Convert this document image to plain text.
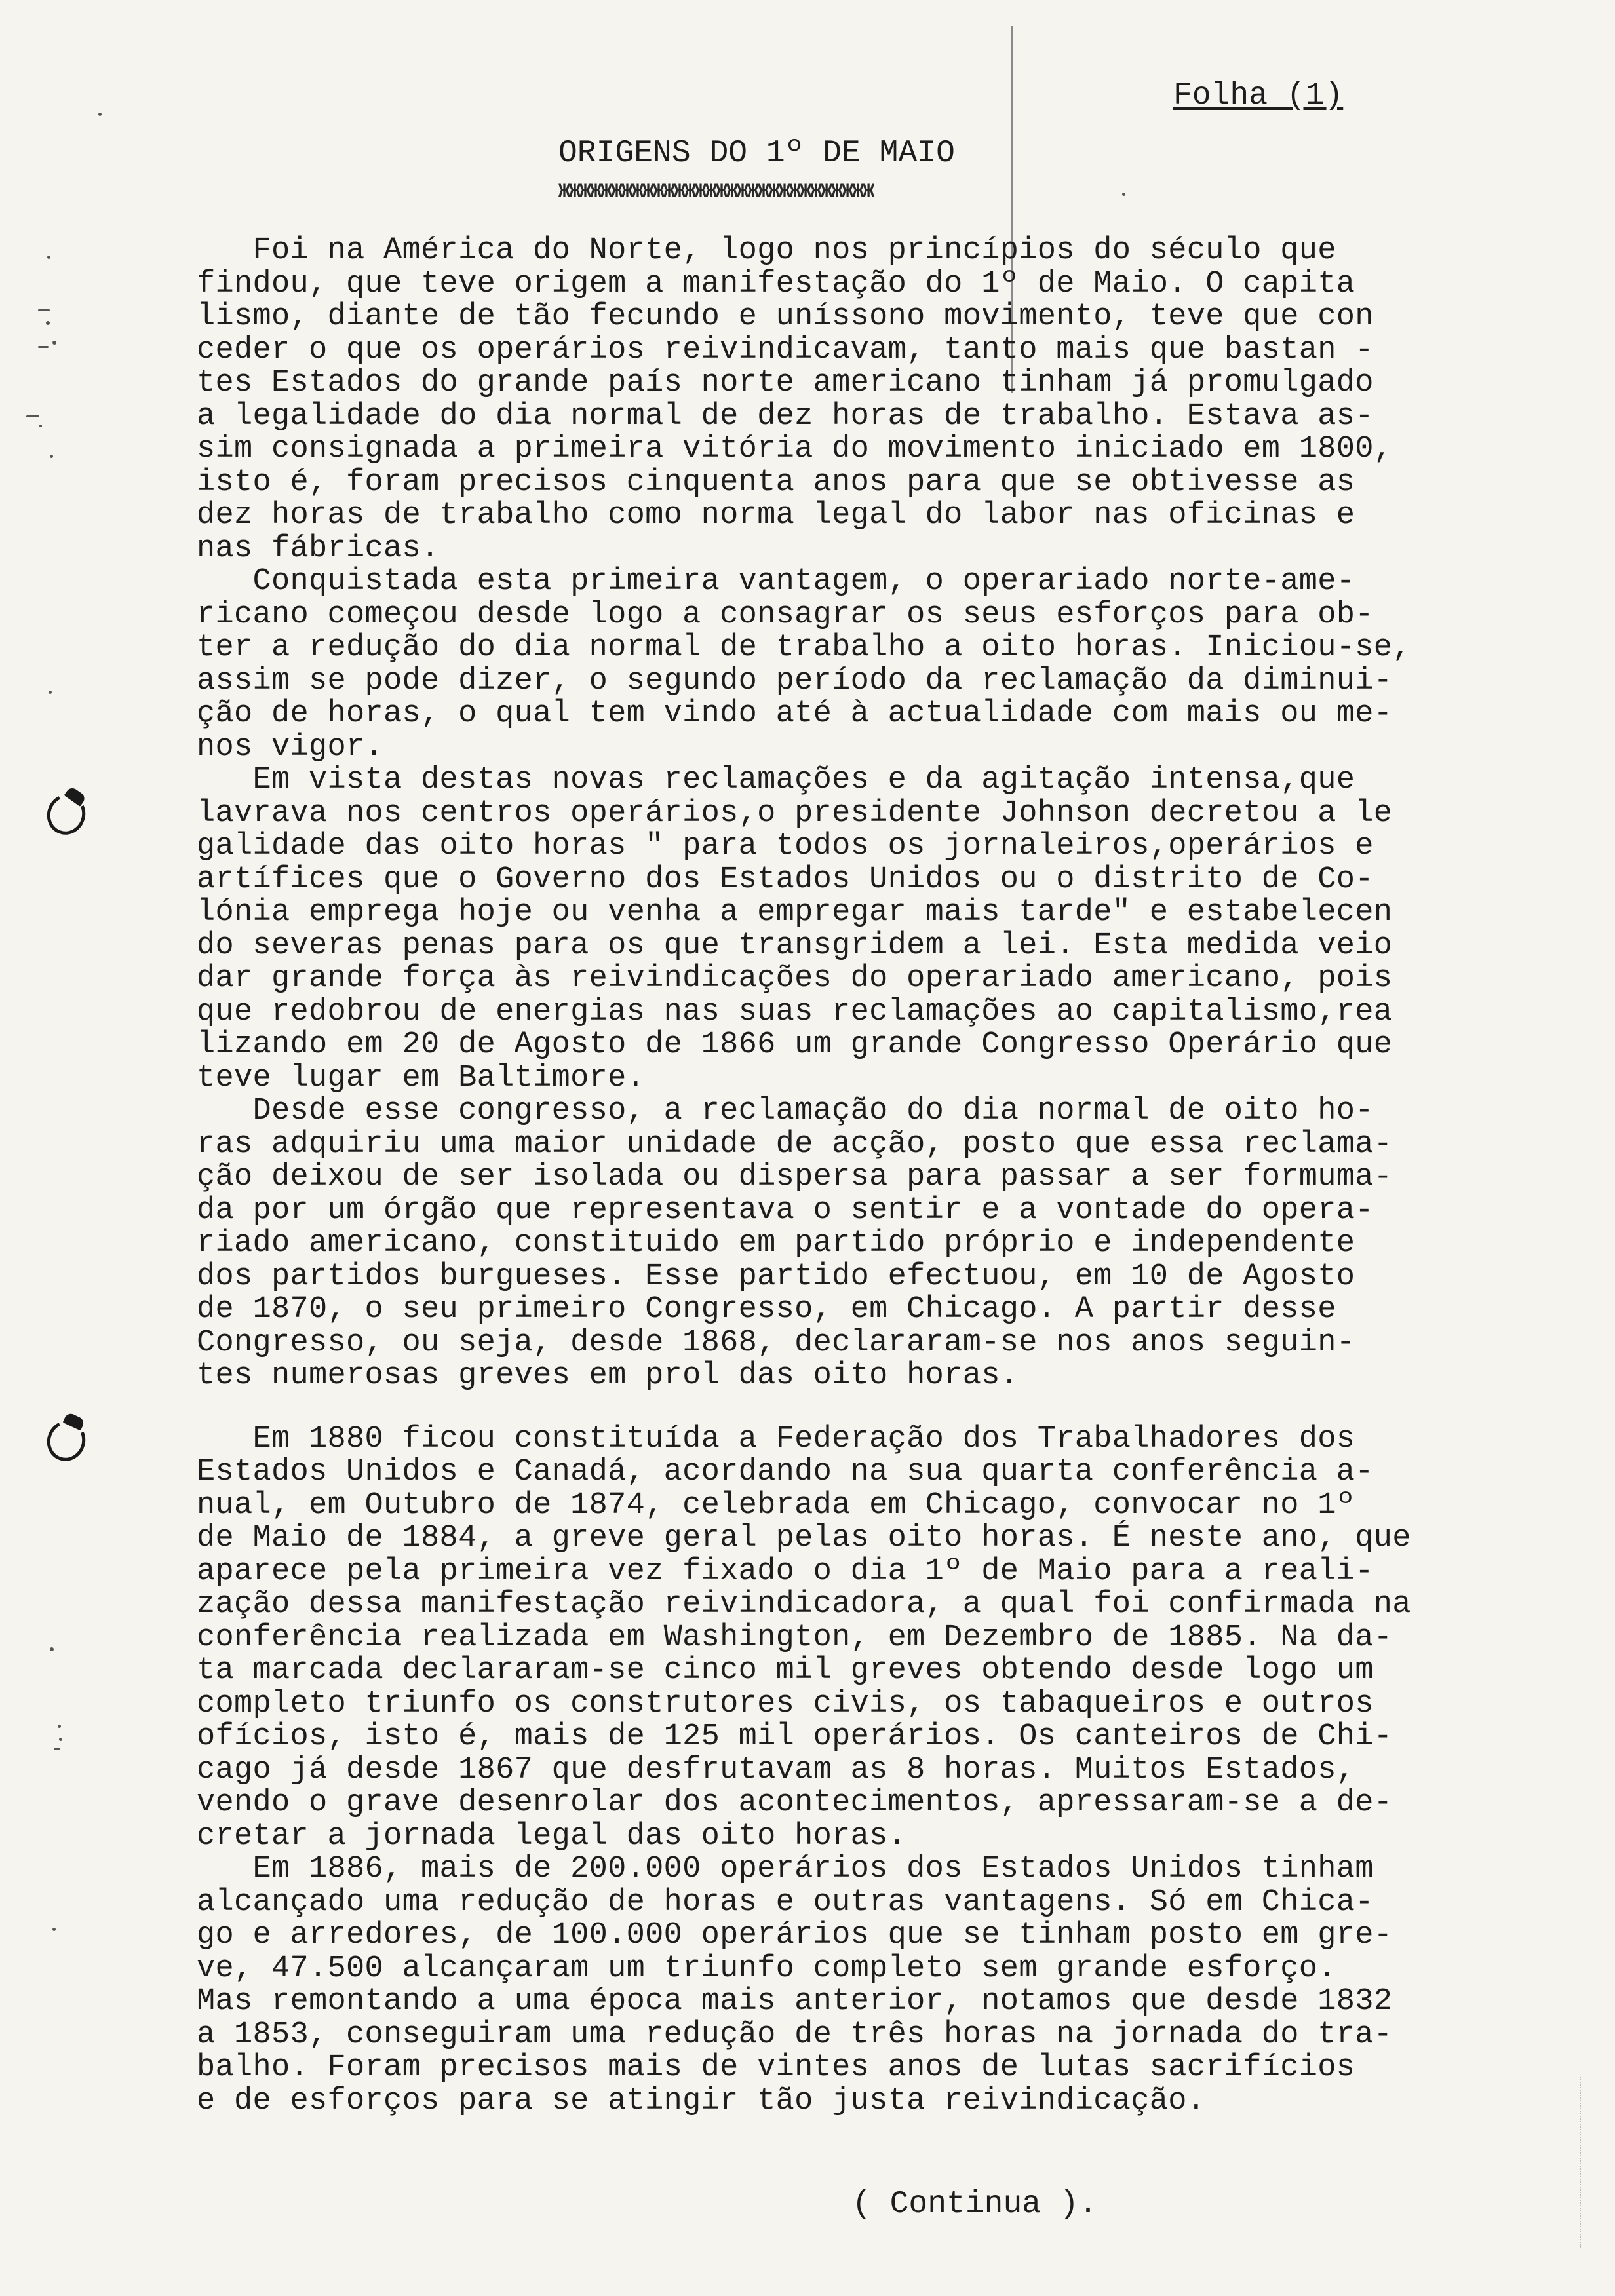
Folha (1)
ORIGENS DO 1º DE MAIO
ЖЖЖЖЖЖЖЖЖЖЖЖЖЖЖЖЖЖЖЖЖЖЖЖЖЖЖЖЖЖ
Foi na América do Norte, logo nos princípios do século que
findou, que teve origem a manifestação do 1º de Maio. O capita
lismo, diante de tão fecundo e uníssono movimento, teve que con
ceder o que os operários reivindicavam, tanto mais que bastan -
tes Estados do grande país norte americano tinham já promulgado
a legalidade do dia normal de dez horas de trabalho. Estava as-
sim consignada a primeira vitória do movimento iniciado em 1800,
isto é, foram precisos cinquenta anos para que se obtivesse as
dez horas de trabalho como norma legal do labor nas oficinas e
nas fábricas.
Conquistada esta primeira vantagem, o operariado norte-ame-
ricano começou desde logo a consagrar os seus esforços para ob-
ter a redução do dia normal de trabalho a oito horas. Iniciou-se,
assim se pode dizer, o segundo período da reclamação da diminui-
ção de horas, o qual tem vindo até à actualidade com mais ou me-
nos vigor.
Em vista destas novas reclamações e da agitação intensa,que
lavrava nos centros operários,o presidente Johnson decretou a le
galidade das oito horas " para todos os jornaleiros,operários e
artífices que o Governo dos Estados Unidos ou o distrito de Co-
lónia emprega hoje ou venha a empregar mais tarde" e estabelecen
do severas penas para os que transgridem a lei. Esta medida veio
dar grande força às reivindicações do operariado americano, pois
que redobrou de energias nas suas reclamações ao capitalismo,rea
lizando em 20 de Agosto de 1866 um grande Congresso Operário que
teve lugar em Baltimore.
Desde esse congresso, a reclamação do dia normal de oito ho-
ras adquiriu uma maior unidade de acção, posto que essa reclama-
ção deixou de ser isolada ou dispersa para passar a ser formuma-
da por um órgão que representava o sentir e a vontade do opera-
riado americano, constituido em partido próprio e independente
dos partidos burgueses. Esse partido efectuou, em 10 de Agosto
de 1870, o seu primeiro Congresso, em Chicago. A partir desse
Congresso, ou seja, desde 1868, declararam-se nos anos seguin-
tes numerosas greves em prol das oito horas.
Em 1880 ficou constituída a Federação dos Trabalhadores dos
Estados Unidos e Canadá, acordando na sua quarta conferência a-
nual, em Outubro de 1874, celebrada em Chicago, convocar no 1º
de Maio de 1884, a greve geral pelas oito horas. É neste ano, que
aparece pela primeira vez fixado o dia 1º de Maio para a reali-
zação dessa manifestação reivindicadora, a qual foi confirmada na
conferência realizada em Washington, em Dezembro de 1885. Na da-
ta marcada declararam-se cinco mil greves obtendo desde logo um
completo triunfo os construtores civis, os tabaqueiros e outros
ofícios, isto é, mais de 125 mil operários. Os canteiros de Chi-
cago já desde 1867 que desfrutavam as 8 horas. Muitos Estados,
vendo o grave desenrolar dos acontecimentos, apressaram-se a de-
cretar a jornada legal das oito horas.
Em 1886, mais de 200.000 operários dos Estados Unidos tinham
alcançado uma redução de horas e outras vantagens. Só em Chica-
go e arredores, de 100.000 operários que se tinham posto em gre-
ve, 47.500 alcançaram um triunfo completo sem grande esforço.
Mas remontando a uma época mais anterior, notamos que desde 1832
a 1853, conseguiram uma redução de três horas na jornada do tra-
balho. Foram precisos mais de vintes anos de lutas sacrifícios
e de esforços para se atingir tão justa reivindicação.
( Continua ).
